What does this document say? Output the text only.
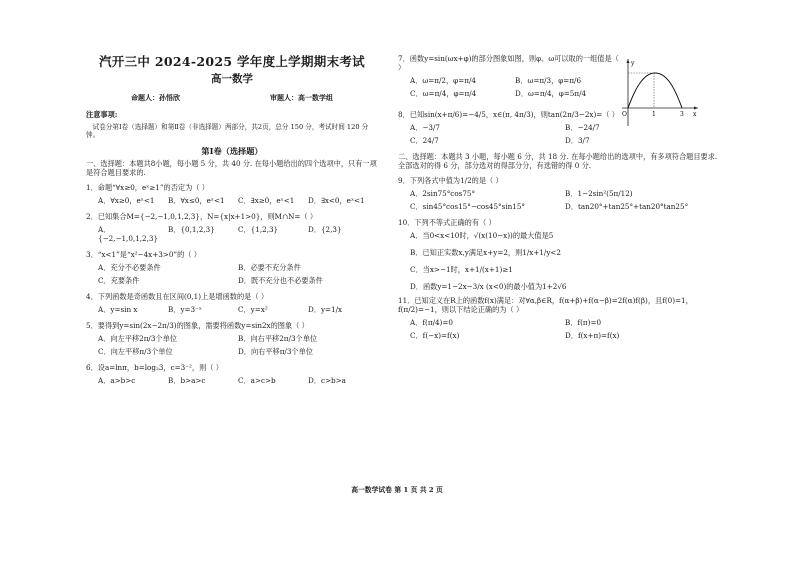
汽开三中 2024-2025 学年度上学期期末考试
高一数学
命题人：孙悟欣	审题人：高一数学组
注意事项:
试卷分第Ⅰ卷（选择题）和第Ⅱ卷（非选择题）两部分，共2页，总分 150 分，考试时间 120 分钟。
第Ⅰ卷（选择题）
一、选择题：本题共8小题，每小题 5 分，共 40 分. 在每小题给出的四个选项中，只有一项是符合题目要求的.
1．命题“∀x≥0，eˣ≥1”的否定为（ ）
A．∀x≥0，eˣ<1	B．∀x≤0，eˣ<1	C．∃x≥0，eˣ<1	D．∃x<0，eˣ<1
2．已知集合M={−2,−1,0,1,2,3}，N={x|x+1>0}，则M∩N=（ ）
A．{−2,−1,0,1,2,3}
B．{0,1,2,3}	C．{1,2,3}	D．{2,3}
3．“x<1”是“x²−4x+3>0”的（ ）
A．充分不必要条件	B．必要不充分条件
C．充要条件	D．既不充分也不必要条件
4．下列函数是奇函数且在区间(0,1)上是增函数的是（ ）
A．y=sin x	B．y=3⁻ˣ	C．y=x²	D．y=1/x
5．要得到y=sin(2x−2π/3)的图象，需要将函数y=sin2x的图象（ ）
A．向左平移2π/3个单位	B．向右平移2π/3个单位
C．向左平移π/3个单位	D．向右平移π/3个单位
6．设a=lnπ，b=log₂3，c=3⁻²，则（ ）
A．a>b>c	B．b>a>c	C．a>c>b	D．c>b>a
7．函数y=sin(ωx+φ)的部分图象如图，则φ、ω可以取的一组值是（ ）
A．ω=π/2，φ=π/4	B．ω=π/3，φ=π/6
C．ω=π/4，φ=π/4	D．ω=π/4，φ=5π/4
8．已知sin(x+π/6)=−4/5，x∈(π, 4π/3)，则tan(2π/3−2x)=（ ）
A．−3/7	B．−24/7
C．24/7	D．3/7
二、选择题：本题共 3 小题，每小题 6 分，共 18 分. 在每小题给出的选项中，有多项符合题目要求. 全部选对的得 6 分，部分选对的得部分分，有选错的得 0 分.
9．下列各式中值为1/2的是（ ）
A．2sin75°cos75°	B．1−2sin²(5π/12)
C．sin45°cos15°−cos45°sin15°	D．tan20°+tan25°+tan20°tan25°
10．下列不等式正确的有（ ）
A．当0<x<10时，√(x(10−x))的最大值是5
B．已知正实数x,y满足x+y=2，则1/x+1/y<2
C．当x>−1时，x+1/(x+1)≥1
D．函数y=1−2x−3/x (x<0)的最小值为1+2√6
11．已知定义在R上的函数f(x)满足：对∀α,β∈R，f(α+β)+f(α−β)=2f(α)f(β)，且f(0)=1，f(π/2)=−1，则以下结论正确的为（ ）
A．f(π/4)=0	B．f(π)=0
C．f(−x)=f(x)	D．f(x+π)=f(x)
y
O	1	3 x
高一数学试卷 第 1 页 共 2 页
